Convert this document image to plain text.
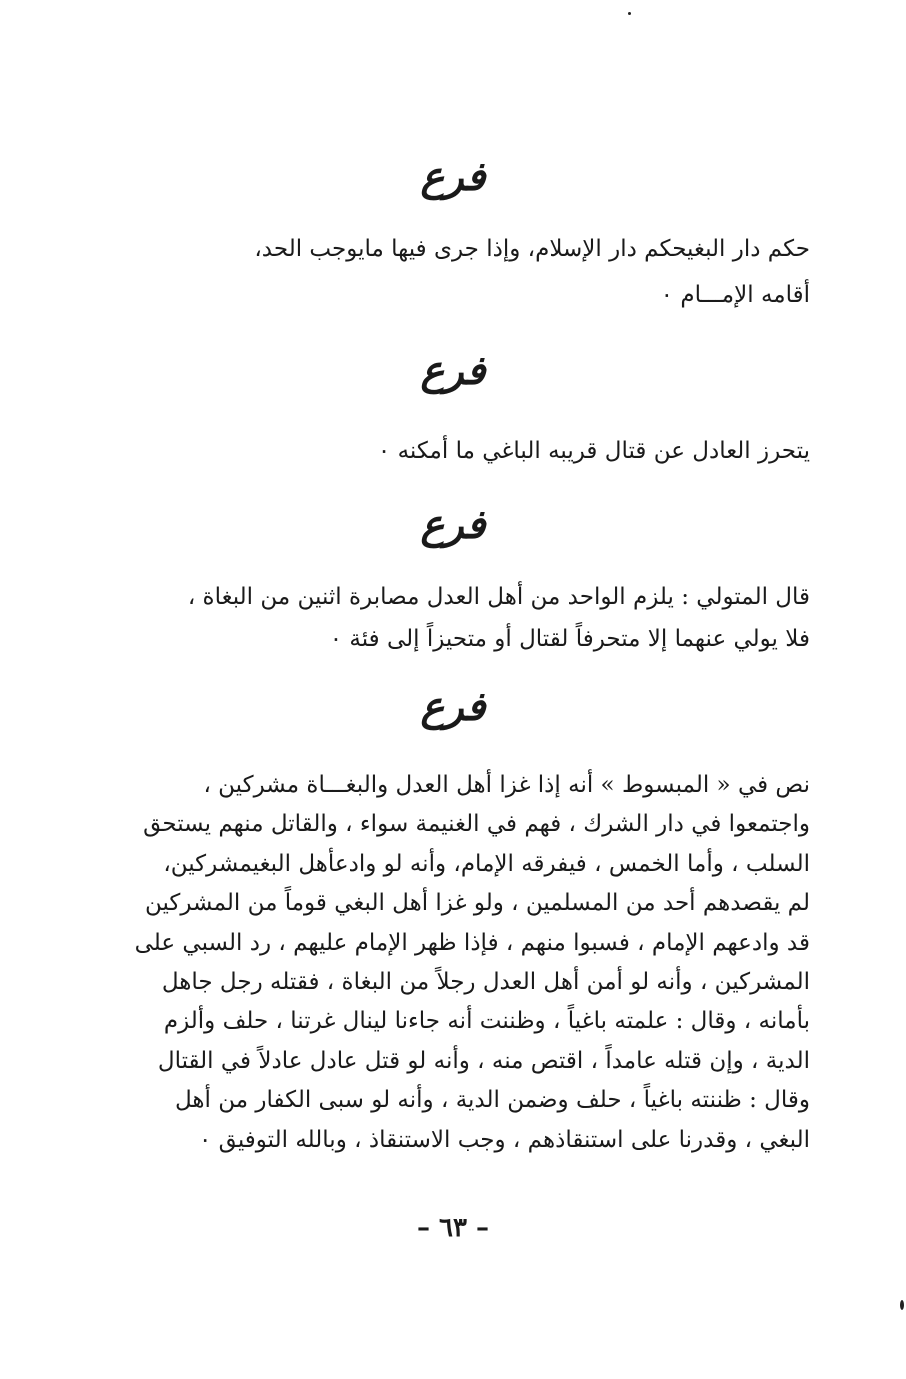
فرع
حكم دار البغيحكم دار الإسلام، وإذا جرى فيها مايوجب الحد،
أقامه الإمـــام ٠
فرع
يتحرز العادل عن قتال قريبه الباغي ما أمكنه ٠
فرع
قال المتولي : يلزم الواحد من أهل العدل مصابرة اثنين من البغاة ،
فلا يولي عنهما إلا متحرفاً لقتال أو متحيزاً إلى فئة ٠
فرع
نص في « المبسوط » أنه إذا غزا أهل العدل والبغـــاة مشركين ،
واجتمعوا في دار الشرك ، فهم في الغنيمة سواء ، والقاتل منهم يستحق
السلب ، وأما الخمس ، فيفرقه الإمام، وأنه لو وادعأهل البغيمشركين،
لم يقصدهم أحد من المسلمين ، ولو غزا أهل البغي قوماً من المشركين
قد وادعهم الإمام ، فسبوا منهم ، فإذا ظهر الإمام عليهم ، رد السبي على
المشركين ، وأنه لو أمن أهل العدل رجلاً من البغاة ، فقتله رجل جاهل
بأمانه ، وقال : علمته باغياً ، وظننت أنه جاءنا لينال غرتنا ، حلف وألزم
الدية ، وإن قتله عامداً ، اقتص منه ، وأنه لو قتل عادل عادلاً في القتال
وقال : ظننته باغياً ، حلف وضمن الدية ، وأنه لو سبى الكفار من أهل
البغي ، وقدرنا على استنقاذهم ، وجب الاستنقاذ ، وبالله التوفيق ٠
– ٦٣ –
